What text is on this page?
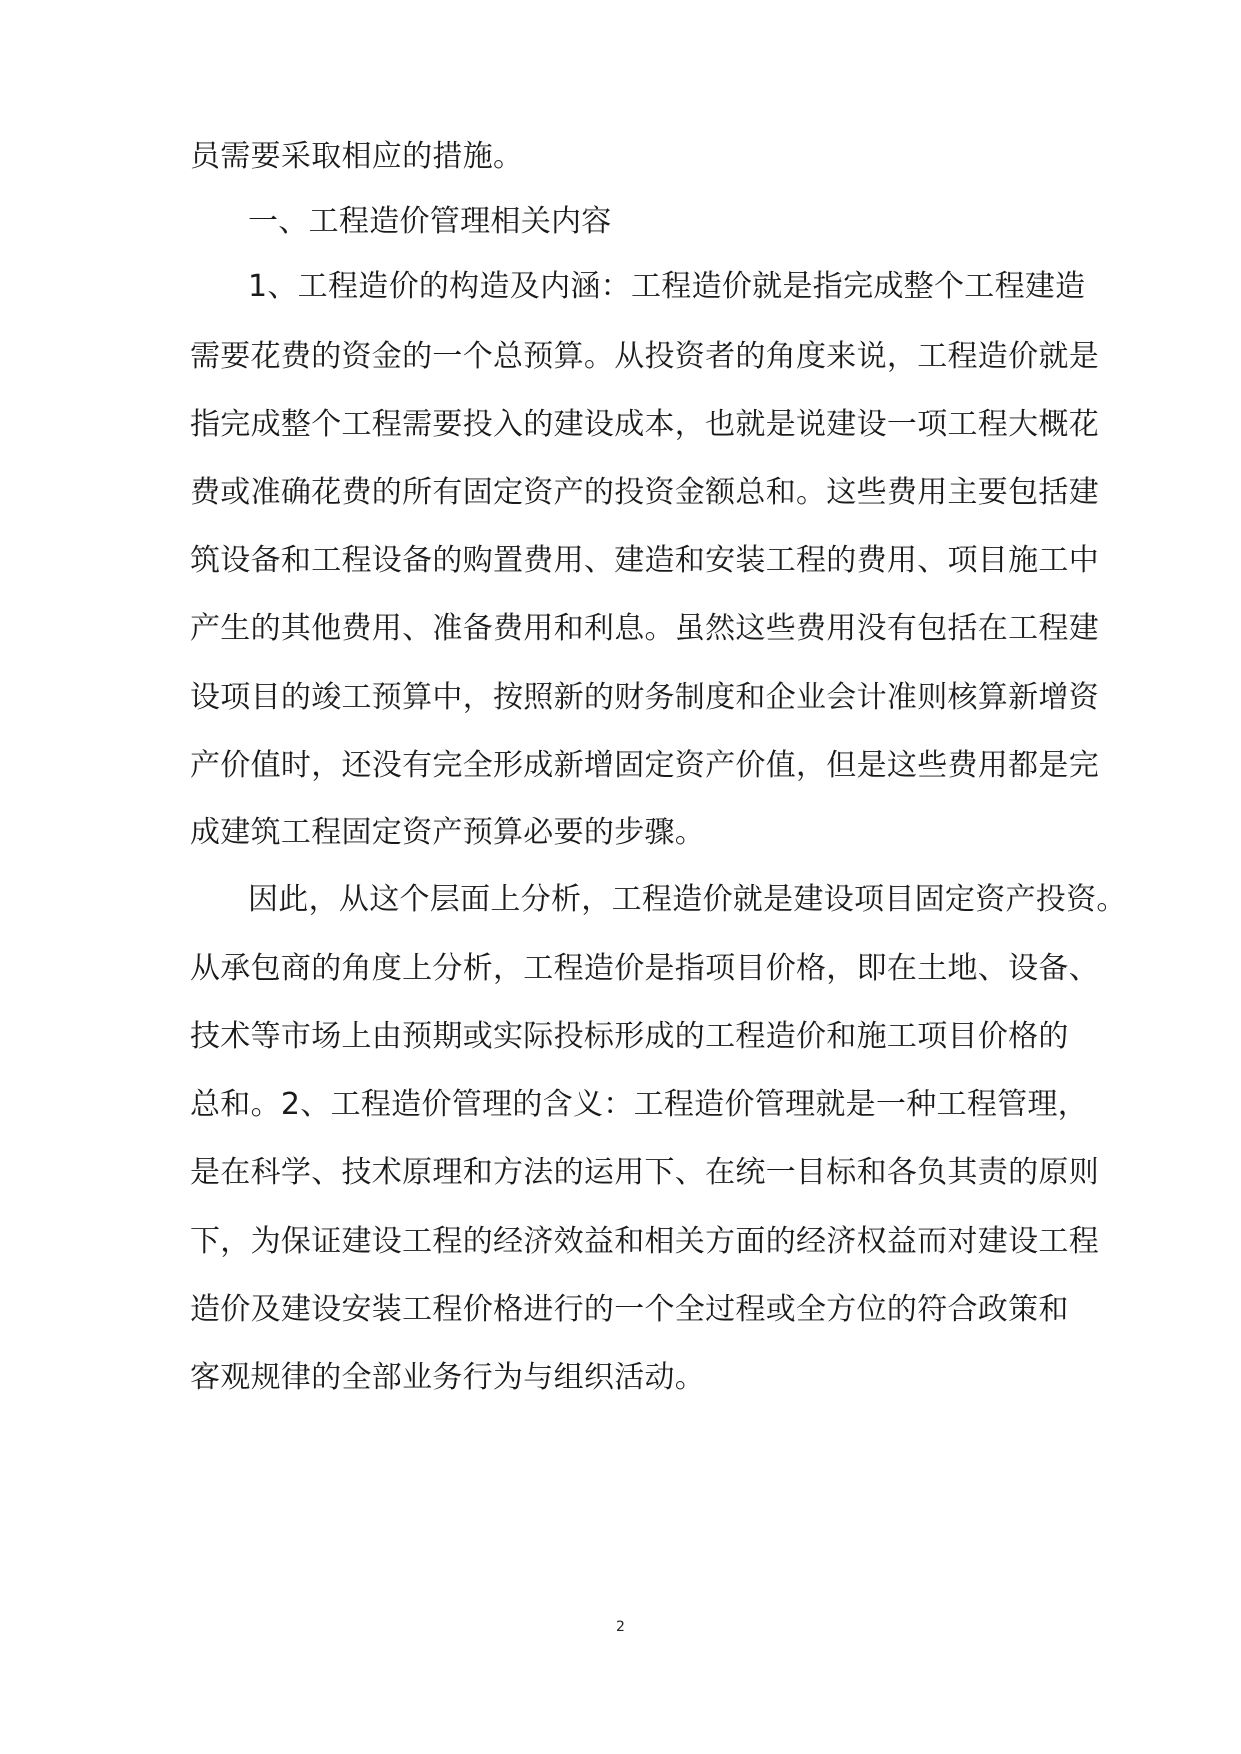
员需要采取相应的措施。
一、工程造价管理相关内容
1、工程造价的构造及内涵：工程造价就是指完成整个工程建造
需要花费的资金的一个总预算。从投资者的角度来说，工程造价就是
指完成整个工程需要投入的建设成本，也就是说建设一项工程大概花
费或准确花费的所有固定资产的投资金额总和。这些费用主要包括建
筑设备和工程设备的购置费用、建造和安装工程的费用、项目施工中
产生的其他费用、准备费用和利息。虽然这些费用没有包括在工程建
设项目的竣工预算中，按照新的财务制度和企业会计准则核算新增资
产价值时，还没有完全形成新增固定资产价值，但是这些费用都是完
成建筑工程固定资产预算必要的步骤。
因此，从这个层面上分析，工程造价就是建设项目固定资产投资。
从承包商的角度上分析，工程造价是指项目价格，即在土地、设备、
技术等市场上由预期或实际投标形成的工程造价和施工项目价格的
总和。2、工程造价管理的含义：工程造价管理就是一种工程管理，
是在科学、技术原理和方法的运用下、在统一目标和各负其责的原则
下，为保证建设工程的经济效益和相关方面的经济权益而对建设工程
造价及建设安装工程价格进行的一个全过程或全方位的符合政策和
客观规律的全部业务行为与组织活动。
2
